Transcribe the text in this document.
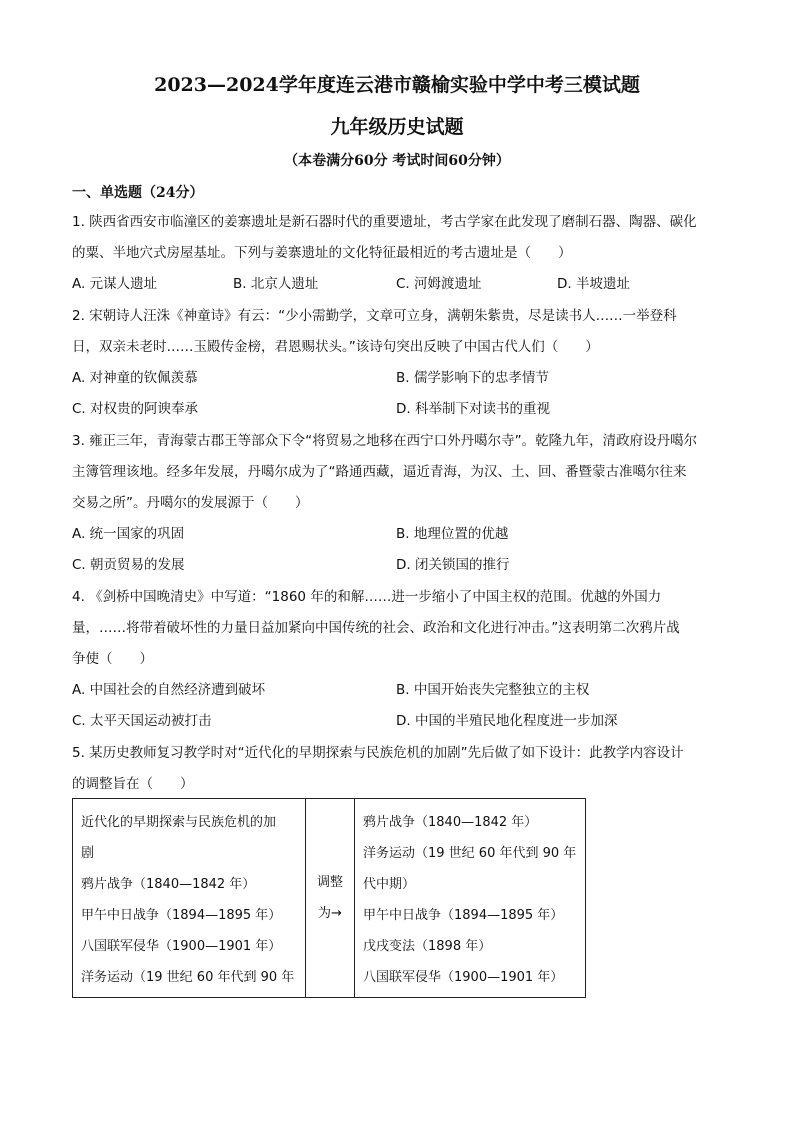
2023—2024学年度连云港市赣榆实验中学中考三模试题
九年级历史试题
（本卷满分60分 考试时间60分钟）
一、单选题（24分）
1. 陕西省西安市临潼区的姜寨遗址是新石器时代的重要遗址，考古学家在此发现了磨制石器、陶器、碳化
的粟、半地穴式房屋基址。下列与姜寨遗址的文化特征最相近的考古遗址是（　　）
A. 元谋人遗址	B. 北京人遗址	C. 河姆渡遗址	D. 半坡遗址
2. 宋朝诗人汪洙《神童诗》有云：“少小需勤学，文章可立身，满朝朱紫贵，尽是读书人……一举登科
日，双亲未老时……玉殿传金榜，君恩赐状头。”该诗句突出反映了中国古代人们（　　）
A. 对神童的钦佩羡慕	B. 儒学影响下的忠孝情节
C. 对权贵的阿谀奉承	D. 科举制下对读书的重视
3. 雍正三年，青海蒙古郡王等部众下令“将贸易之地移在西宁口外丹噶尔寺”。乾隆九年，清政府设丹噶尔
主簿管理该地。经多年发展，丹噶尔成为了“路通西藏，逼近青海，为汉、土、回、番暨蒙古准噶尔往来
交易之所”。丹噶尔的发展源于（　　）
A. 统一国家的巩固	B. 地理位置的优越
C. 朝贡贸易的发展	D. 闭关锁国的推行
4. 《剑桥中国晚清史》中写道：“1860 年的和解……进一步缩小了中国主权的范围。优越的外国力
量，……将带着破坏性的力量日益加紧向中国传统的社会、政治和文化进行冲击。”这表明第二次鸦片战
争使（　　）
A. 中国社会的自然经济遭到破坏	B. 中国开始丧失完整独立的主权
C. 太平天国运动被打击	D. 中国的半殖民地化程度进一步加深
5. 某历史教师复习教学时对“近代化的早期探索与民族危机的加剧”先后做了如下设计：此教学内容设计
的调整旨在（　　）
近代化的早期探索与民族危机的加
剧
鸦片战争（1840—1842 年）
甲午中日战争（1894—1895 年）
八国联军侵华（1900—1901 年）
洋务运动（19 世纪 60 年代到 90 年

调整
为→

鸦片战争（1840—1842 年）
洋务运动（19 世纪 60 年代到 90 年
代中期）
甲午中日战争（1894—1895 年）
戊戌变法（1898 年）
八国联军侵华（1900—1901 年）
